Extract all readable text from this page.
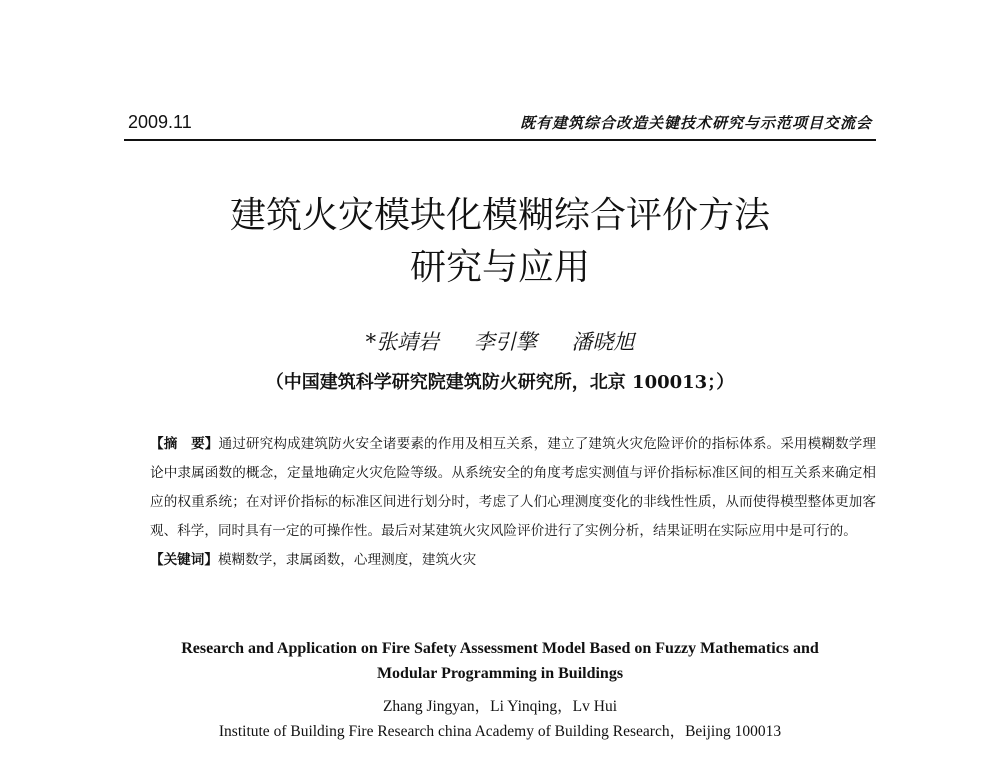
2009.11	既有建筑综合改造关键技术研究与示范项目交流会
建筑火灾模块化模糊综合评价方法
研究与应用
*张靖岩 李引擎 潘晓旭
（中国建筑科学研究院建筑防火研究所，北京 100013；）

【摘　要】通过研究构成建筑防火安全诸要素的作用及相互关系，建立了建筑火灾危险评价的指标体系。采用模糊数学理论中隶属函数的概念，定量地确定火灾危险等级。从系统安全的角度考虑实测值与评价指标标准区间的相互关系来确定相应的权重系统；在对评价指标的标准区间进行划分时，考虑了人们心理测度变化的非线性性质，从而使得模型整体更加客观、科学，同时具有一定的可操作性。最后对某建筑火灾风险评价进行了实例分析，结果证明在实际应用中是可行的。

【关键词】模糊数学，隶属函数，心理测度，建筑火灾

Research and Application on Fire Safety Assessment Model Based on Fuzzy Mathematics and
Modular Programming in Buildings
Zhang Jingyan，Li Yinqing，Lv Hui
Institute of Building Fire Research china Academy of Building Research，Beijing 100013
